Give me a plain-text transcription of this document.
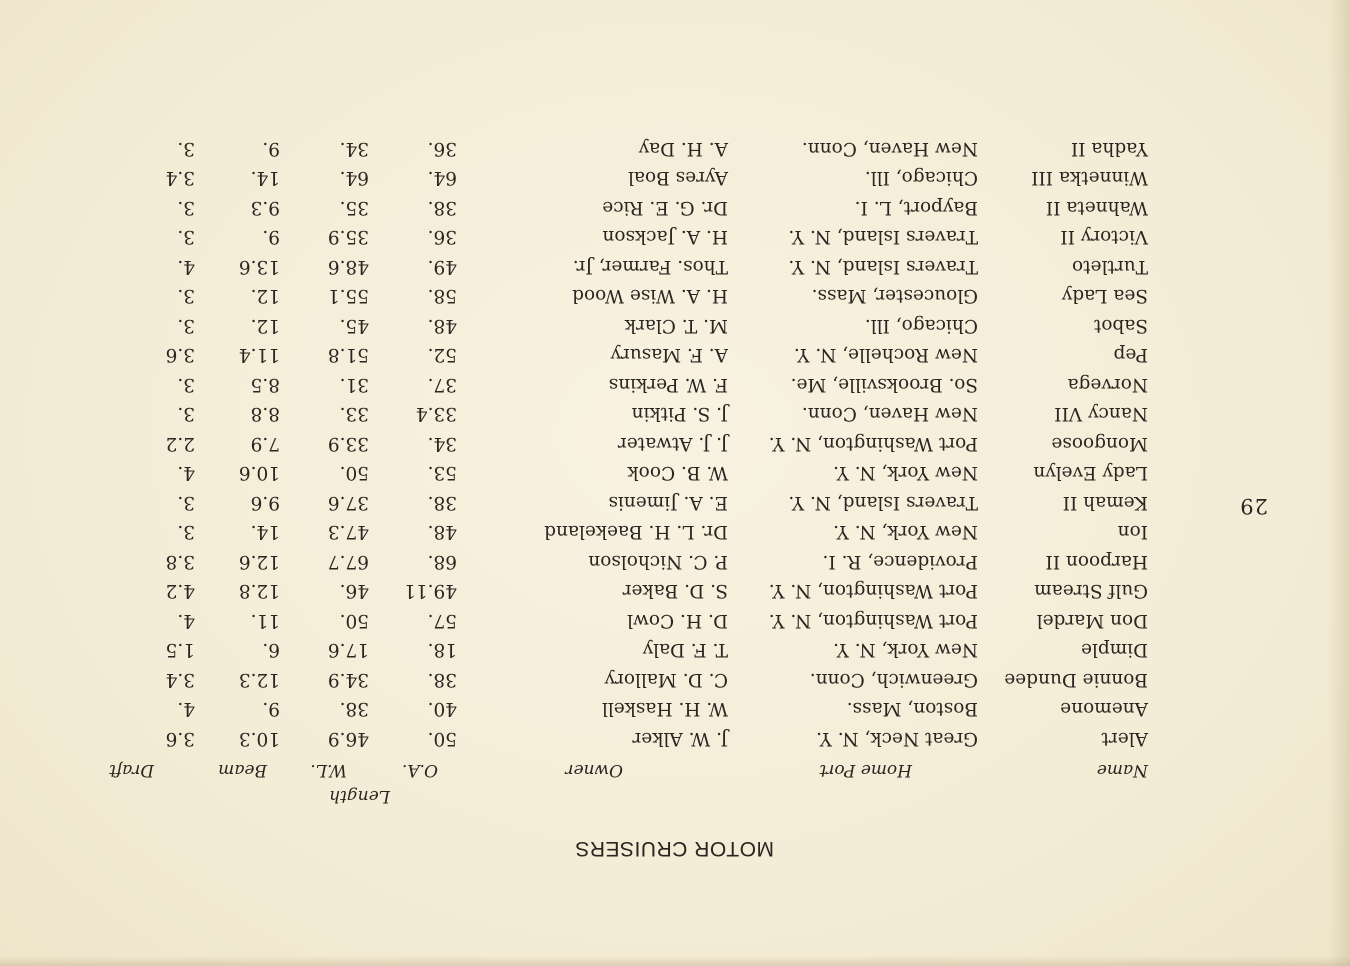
29
MOTOR CRUISERS
Length
Name
Home Port
Owner
O.A.
W.L.
Beam
Draft
Alert
Great Neck, N. Y.
J. W. Alker
50.
46.9
10.3
3.6
Anemone
Boston, Mass.
W. H. Haskell
40.
38.
9.
4.
Bonnie Dundee
Greenwich, Conn.
C. D. Mallory
38.
34.9
12.3
3.4
Dimple
New York, N. Y.
T. F. Daly
18.
17.6
6.
1.5
Don Mardel
Port Washington, N. Y.
D. H. Cowl
57.
50.
11.
4.
Gulf Stream
Port Washington, N. Y.
S. D. Baker
49.11
46.
12.8
4.2
Harpoon II
Providence, R. I.
P. C. Nicholson
68.
67.7
12.6
3.8
Ion
New York, N. Y.
Dr. L. H. Baekeland
48.
47.3
14.
3.
Kemah II
Travers Island, N. Y.
E. A. Jimenis
38.
37.6
9.6
3.
Lady Evelyn
New York, N. Y.
W. B. Cook
53.
50.
10.6
4.
Mongoose
Port Washington, N. Y.
J. J. Atwater
34.
33.9
7.9
2.2
Nancy VII
New Haven, Conn.
J. S. Pitkin
33.4
33.
8.8
3.
Norvega
So. Brooksville, Me.
F. W. Perkins
37.
31.
8.5
3.
Pep
New Rochelle, N. Y.
A. F. Masury
52.
51.8
11.4
3.6
Sabot
Chicago, Ill.
M. T. Clark
48.
45.
12.
3.
Sea Lady
Gloucester, Mass.
H. A. Wise Wood
58.
55.1
12.
3.
Turtleto
Travers Island, N. Y.
Thos. Farmer, Jr.
49.
48.6
13.6
4.
Victory II
Travers Island, N. Y.
H. A. Jackson
36.
35.9
9.
3.
Wahneta II
Bayport, L. I.
Dr. G. E. Rice
38.
35.
9.3
3.
Winnetka III
Chicago, Ill.
Ayres Boal
64.
64.
14.
3.4
Yadha II
New Haven, Conn.
A. H. Day
36.
34.
9.
3.
